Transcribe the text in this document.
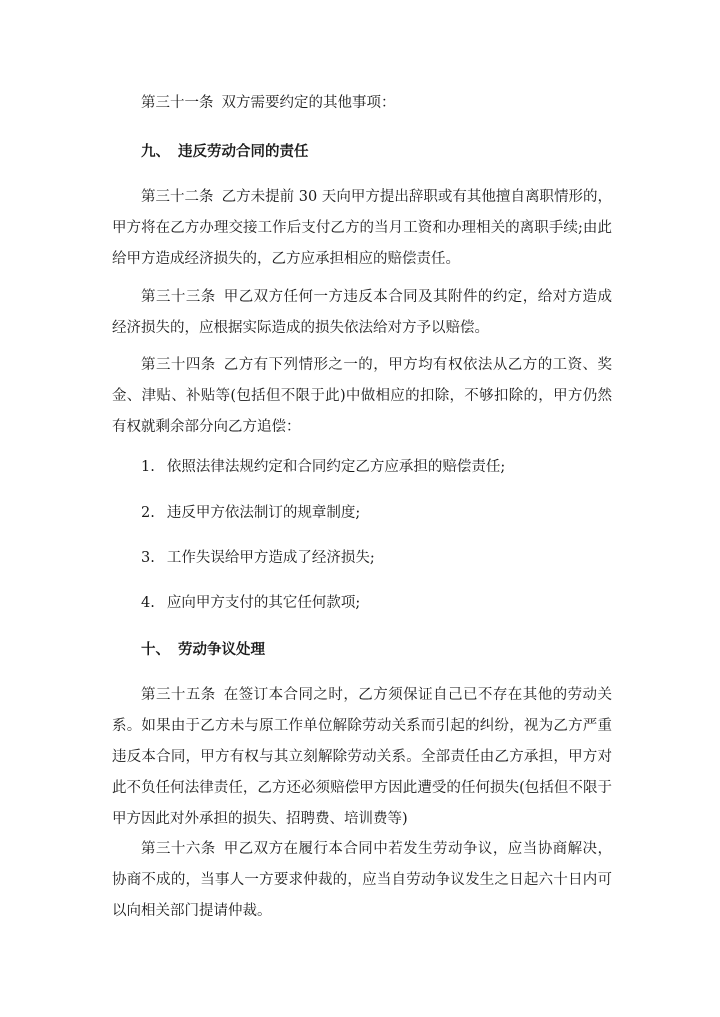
第三十一条 双方需要约定的其他事项：

九、 违反劳动合同的责任

第三十二条 乙方未提前 30 天向甲方提出辞职或有其他擅自离职情形的，甲方将在乙方办理交接工作后支付乙方的当月工资和办理相关的离职手续;由此给甲方造成经济损失的，乙方应承担相应的赔偿责任。

第三十三条 甲乙双方任何一方违反本合同及其附件的约定，给对方造成经济损失的，应根据实际造成的损失依法给对方予以赔偿。

第三十四条 乙方有下列情形之一的，甲方均有权依法从乙方的工资、奖金、津贴、补贴等(包括但不限于此)中做相应的扣除，不够扣除的，甲方仍然有权就剩余部分向乙方追偿：

1. 依照法律法规约定和合同约定乙方应承担的赔偿责任;

2. 违反甲方依法制订的规章制度;

3. 工作失误给甲方造成了经济损失;

4. 应向甲方支付的其它任何款项;

十、 劳动争议处理

第三十五条 在签订本合同之时，乙方须保证自己已不存在其他的劳动关系。如果由于乙方未与原工作单位解除劳动关系而引起的纠纷，视为乙方严重违反本合同，甲方有权与其立刻解除劳动关系。全部责任由乙方承担，甲方对此不负任何法律责任，乙方还必须赔偿甲方因此遭受的任何损失(包括但不限于甲方因此对外承担的损失、招聘费、培训费等)

第三十六条 甲乙双方在履行本合同中若发生劳动争议，应当协商解决，协商不成的，当事人一方要求仲裁的，应当自劳动争议发生之日起六十日内可以向相关部门提请仲裁。
